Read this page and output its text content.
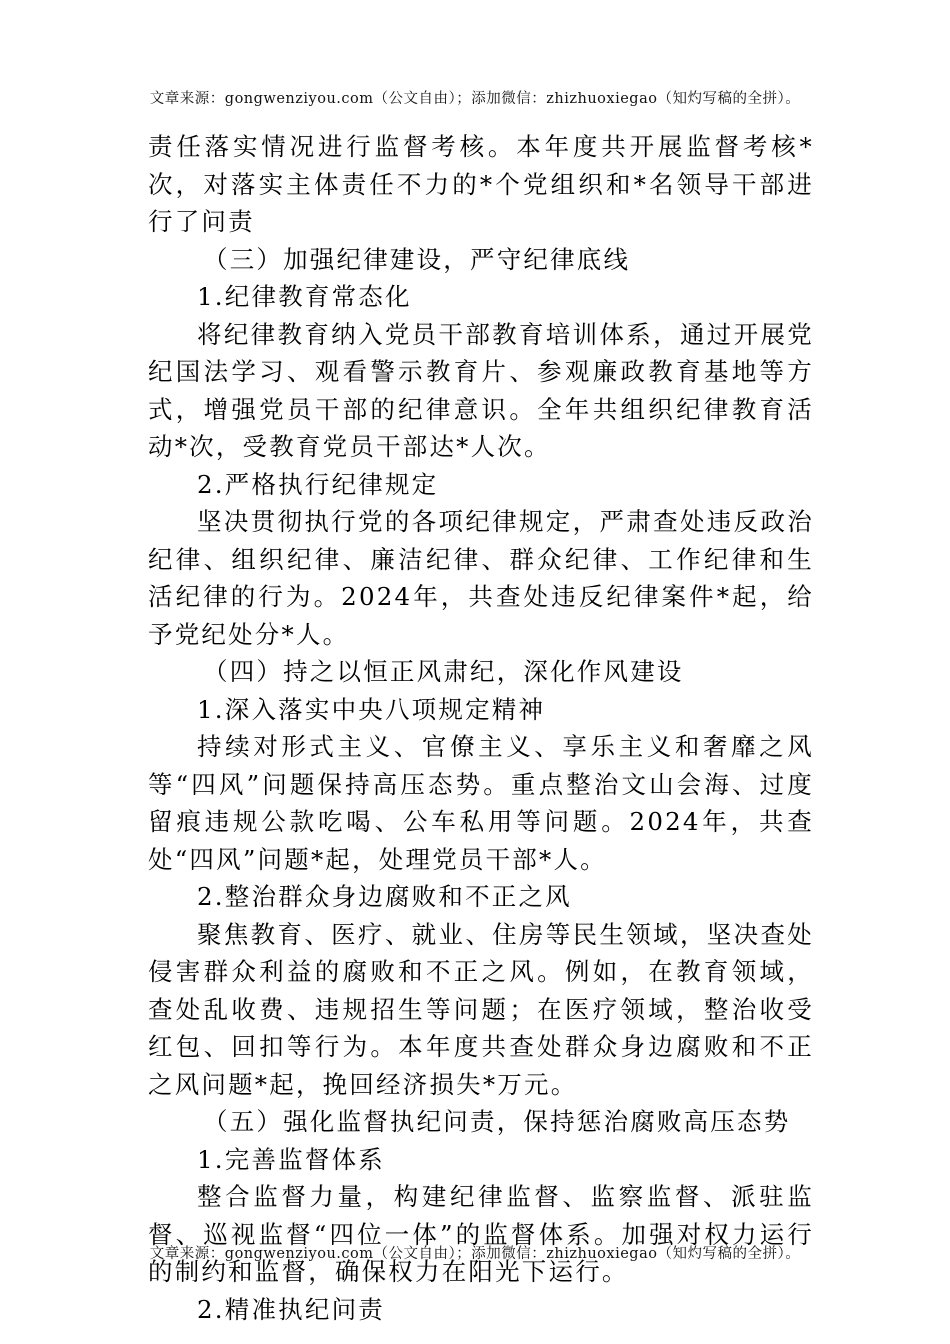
文章来源：gongwenziyou.com（公文自由）；添加微信：zhizhuoxiegao（知灼写稿的全拼）。

责任落实情况进行监督考核。本年度共开展监督考核*次，对落实主体责任不力的*个党组织和*名领导干部进行了问责

（三）加强纪律建设，严守纪律底线

1.纪律教育常态化

将纪律教育纳入党员干部教育培训体系，通过开展党纪国法学习、观看警示教育片、参观廉政教育基地等方式，增强党员干部的纪律意识。全年共组织纪律教育活动*次，受教育党员干部达*人次。

2.严格执行纪律规定

坚决贯彻执行党的各项纪律规定，严肃查处违反政治纪律、组织纪律、廉洁纪律、群众纪律、工作纪律和生活纪律的行为。2024年，共查处违反纪律案件*起，给予党纪处分*人。

（四）持之以恒正风肃纪，深化作风建设

1.深入落实中央八项规定精神

持续对形式主义、官僚主义、享乐主义和奢靡之风等“四风”问题保持高压态势。重点整治文山会海、过度留痕违规公款吃喝、公车私用等问题。2024年，共查处“四风”问题*起，处理党员干部*人。

2.整治群众身边腐败和不正之风

聚焦教育、医疗、就业、住房等民生领域，坚决查处侵害群众利益的腐败和不正之风。例如，在教育领域，查处乱收费、违规招生等问题；在医疗领域，整治收受红包、回扣等行为。本年度共查处群众身边腐败和不正之风问题*起，挽回经济损失*万元。

（五）强化监督执纪问责，保持惩治腐败高压态势

1.完善监督体系

整合监督力量，构建纪律监督、监察监督、派驻监督、巡视监督“四位一体”的监督体系。加强对权力运行的制约和监督，确保权力在阳光下运行。

2.精准执纪问责

文章来源：gongwenziyou.com（公文自由）；添加微信：zhizhuoxiegao（知灼写稿的全拼）。
